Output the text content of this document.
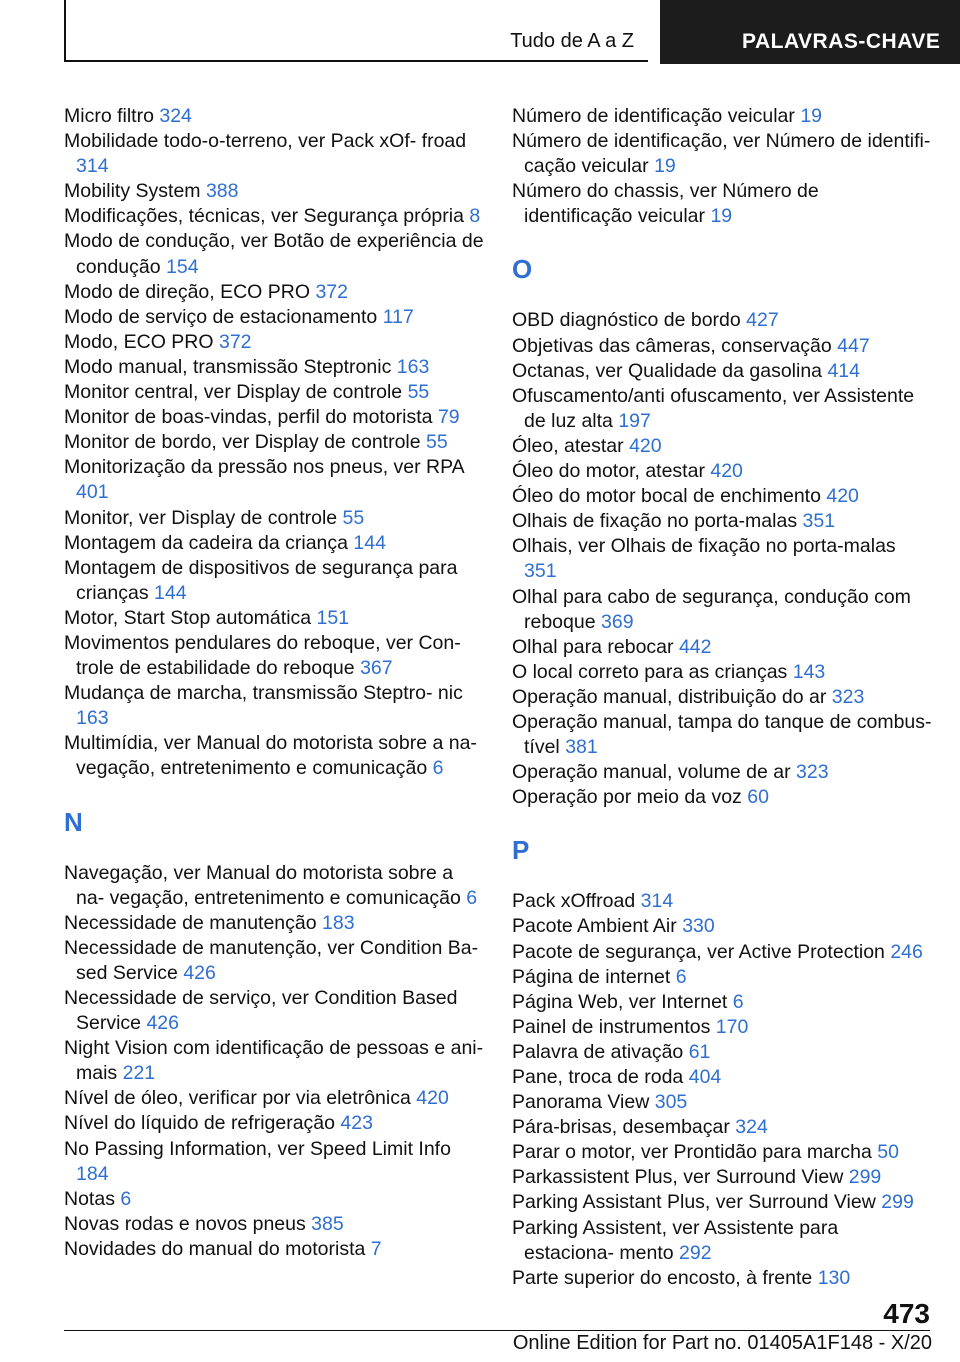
Tudo de A a Z	PALAVRAS-CHAVE
Micro filtro 324
Mobilidade todo-o-terreno, ver Pack xOf- froad 314
Mobility System 388
Modificações, técnicas, ver Segurança própria 8
Modo de condução, ver Botão de experiência de condução 154
Modo de direção, ECO PRO 372
Modo de serviço de estacionamento 117
Modo, ECO PRO 372
Modo manual, transmissão Steptronic 163
Monitor central, ver Display de controle 55
Monitor de boas-vindas, perfil do motorista 79
Monitor de bordo, ver Display de controle 55
Monitorização da pressão nos pneus, ver RPA 401
Monitor, ver Display de controle 55
Montagem da cadeira da criança 144
Montagem de dispositivos de segurança para crianças 144
Motor, Start Stop automática 151
Movimentos pendulares do reboque, ver Con- trole de estabilidade do reboque 367
Mudança de marcha, transmissão Steptro- nic 163
Multimídia, ver Manual do motorista sobre a na- vegação, entretenimento e comunicação 6
N
Navegação, ver Manual do motorista sobre a na- vegação, entretenimento e comunicação 6
Necessidade de manutenção 183
Necessidade de manutenção, ver Condition Ba- sed Service 426
Necessidade de serviço, ver Condition Based Service 426
Night Vision com identificação de pessoas e ani- mais 221
Nível de óleo, verificar por via eletrônica 420
Nível do líquido de refrigeração 423
No Passing Information, ver Speed Limit Info 184
Notas 6
Novas rodas e novos pneus 385
Novidades do manual do motorista 7
Número de identificação veicular 19
Número de identificação, ver Número de identifi- cação veicular 19
Número do chassis, ver Número de identificação veicular 19
O
OBD diagnóstico de bordo 427
Objetivas das câmeras, conservação 447
Octanas, ver Qualidade da gasolina 414
Ofuscamento/anti ofuscamento, ver Assistente de luz alta 197
Óleo, atestar 420
Óleo do motor, atestar 420
Óleo do motor bocal de enchimento 420
Olhais de fixação no porta-malas 351
Olhais, ver Olhais de fixação no porta-malas 351
Olhal para cabo de segurança, condução com reboque 369
Olhal para rebocar 442
O local correto para as crianças 143
Operação manual, distribuição do ar 323
Operação manual, tampa do tanque de combus- tível 381
Operação manual, volume de ar 323
Operação por meio da voz 60
P
Pack xOffroad 314
Pacote Ambient Air 330
Pacote de segurança, ver Active Protection 246
Página de internet 6
Página Web, ver Internet 6
Painel de instrumentos 170
Palavra de ativação 61
Pane, troca de roda 404
Panorama View 305
Pára-brisas, desembaçar 324
Parar o motor, ver Prontidão para marcha 50
Parkassistent Plus, ver Surround View 299
Parking Assistant Plus, ver Surround View 299
Parking Assistent, ver Assistente para estaciona- mento 292
Parte superior do encosto, à frente 130
473
Online Edition for Part no. 01405A1F148 - X/20
